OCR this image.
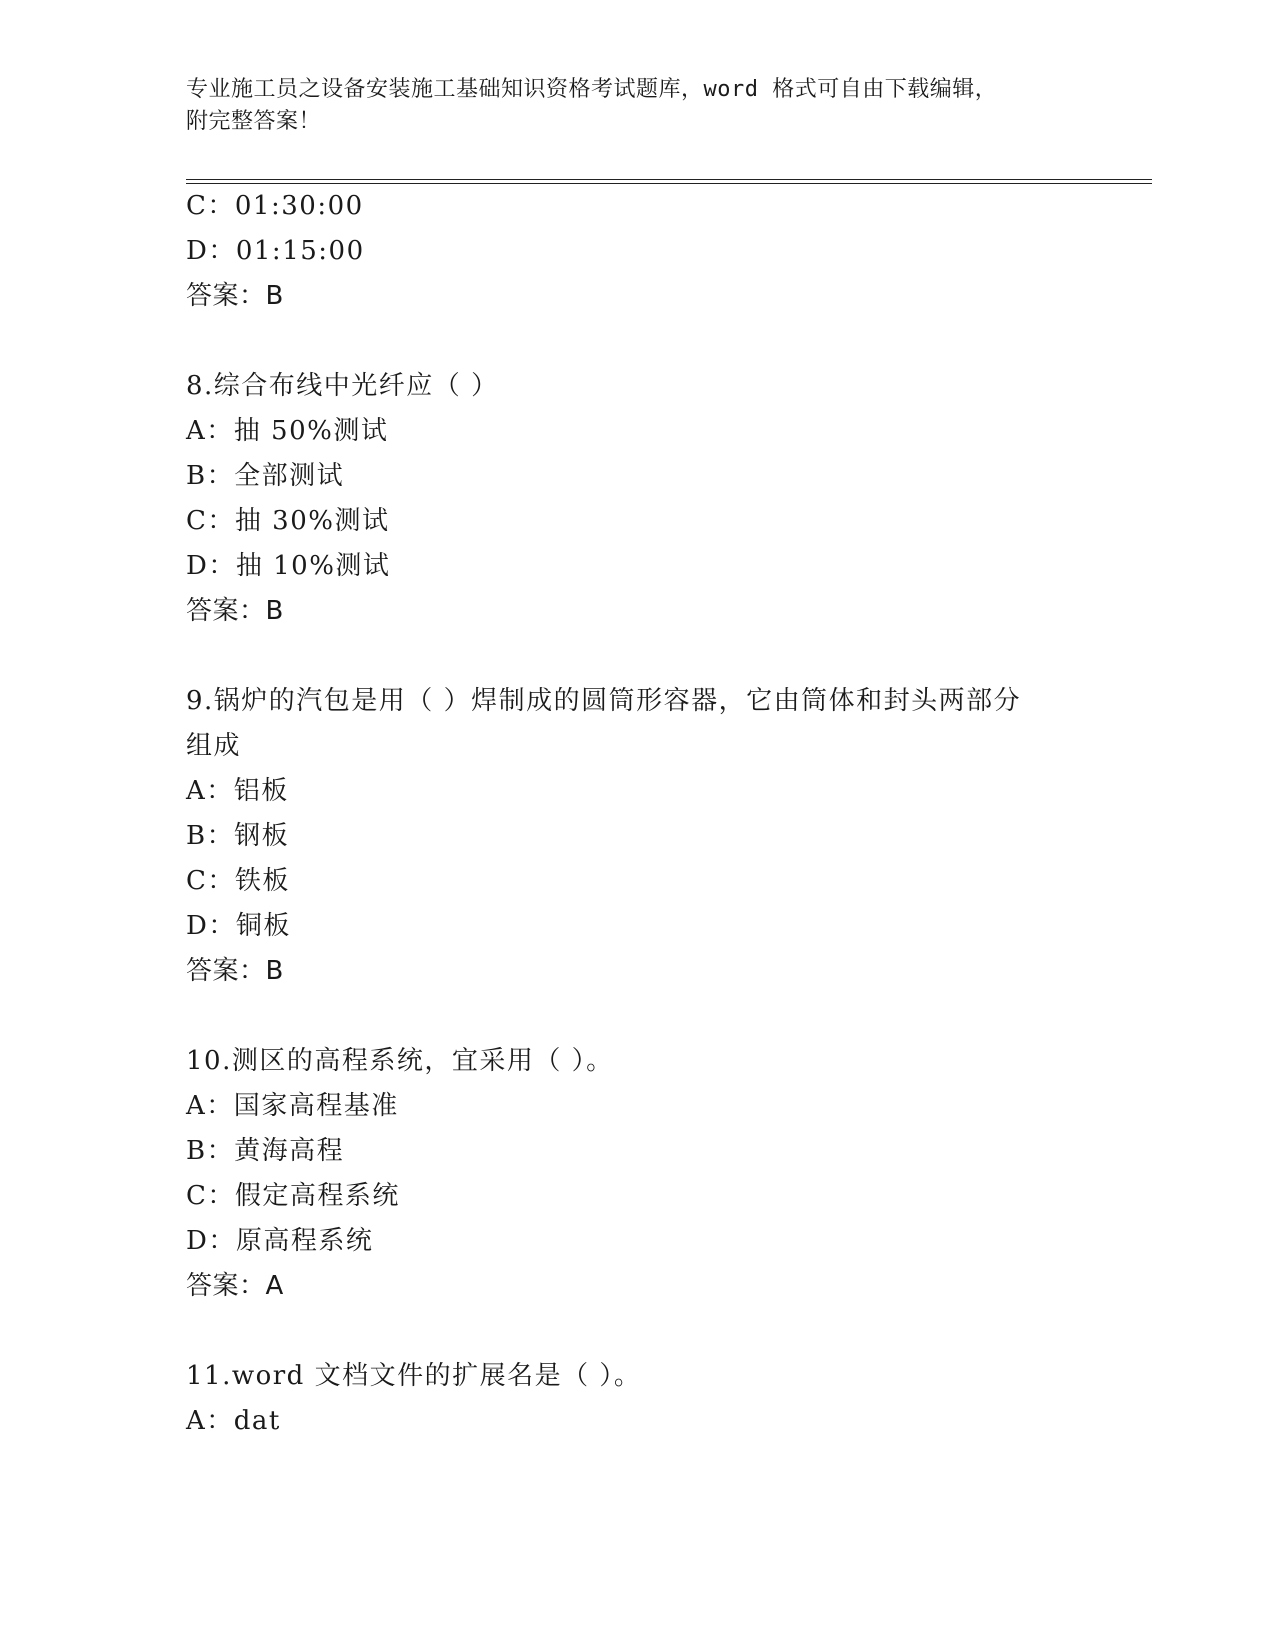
专业施工员之设备安装施工基础知识资格考试题库，word 格式可自由下载编辑，
附完整答案！
C：01:30:00
D：01:15:00
答案：B
8.综合布线中光纤应（ ）
A：抽 50%测试
B：全部测试
C：抽 30%测试
D：抽 10%测试
答案：B
9.锅炉的汽包是用（ ）焊制成的圆筒形容器，它由筒体和封头两部分
组成
A：铝板
B：钢板
C：铁板
D：铜板
答案：B
10.测区的高程系统，宜采用（ ）。
A：国家高程基准
B：黄海高程
C：假定高程系统
D：原高程系统
答案：A
11.word 文档文件的扩展名是（ ）。
A：dat
